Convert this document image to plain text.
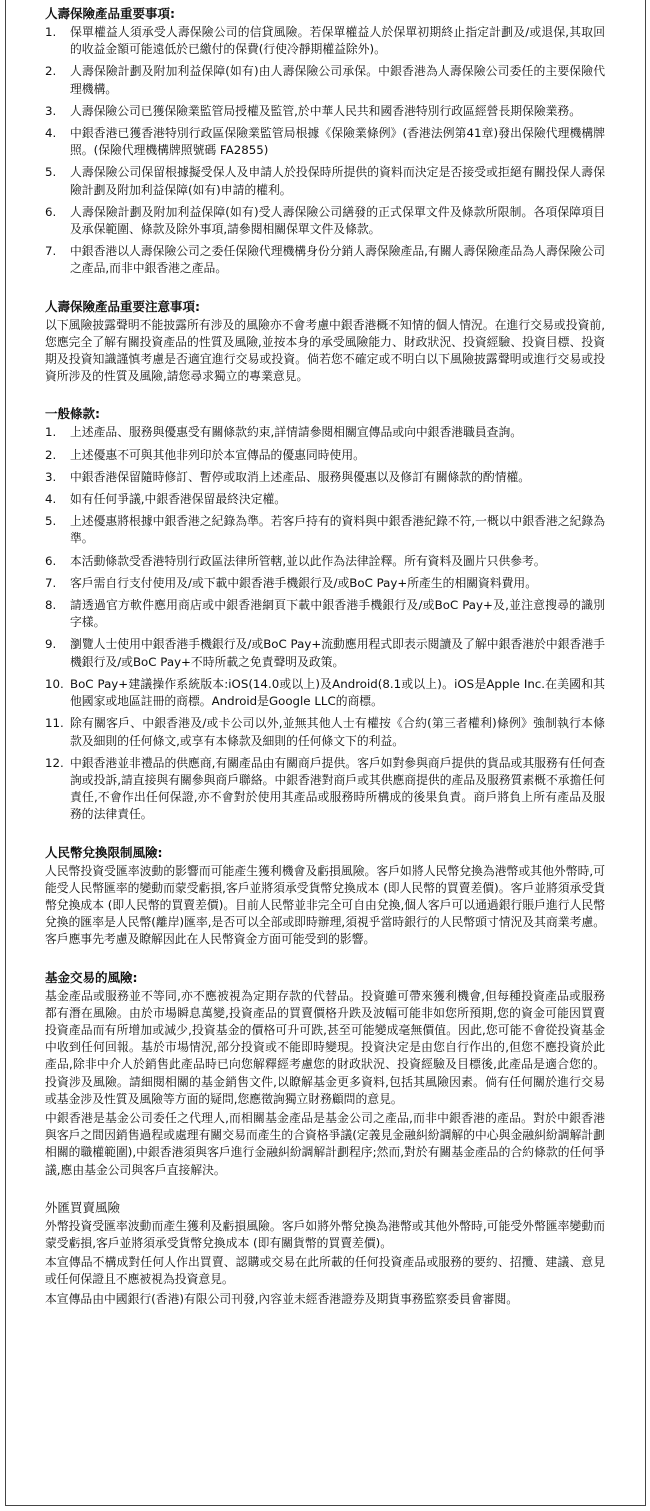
人壽保險產品重要事項:
1.	保單權益人須承受人壽保險公司的信貸風險。若保單權益人於保單初期終止指定計劃及/或退保,其取回的收益金額可能遠低於已繳付的保費(行使冷靜期權益除外)。
2.	人壽保險計劃及附加利益保障(如有)由人壽保險公司承保。中銀香港為人壽保險公司委任的主要保險代理機構。
3.	人壽保險公司已獲保險業監管局授權及監管,於中華人民共和國香港特別行政區經營長期保險業務。
4.	中銀香港已獲香港特別行政區保險業監管局根據《保險業條例》(香港法例第41章)發出保險代理機構牌照。(保險代理機構牌照號碼 FA2855)
5.	人壽保險公司保留根據擬受保人及申請人於投保時所提供的資料而決定是否接受或拒絕有關投保人壽保險計劃及附加利益保障(如有)申請的權利。
6.	人壽保險計劃及附加利益保障(如有)受人壽保險公司繕發的正式保單文件及條款所限制。各項保障項目及承保範圍、條款及除外事項,請參閱相關保單文件及條款。
7.	中銀香港以人壽保險公司之委任保險代理機構身份分銷人壽保險產品,有關人壽保險產品為人壽保險公司之產品,而非中銀香港之產品。
人壽保險產品重要注意事項:

以下風險披露聲明不能披露所有涉及的風險亦不會考慮中銀香港概不知情的個人情況。在進行交易或投資前,您應完全了解有關投資產品的性質及風險,並按本身的承受風險能力、財政狀況、投資經驗、投資目標、投資期及投資知識謹慎考慮是否適宜進行交易或投資。倘若您不確定或不明白以下風險披露聲明或進行交易或投資所涉及的性質及風險,請您尋求獨立的專業意見。

一般條款:
1.	上述產品、服務與優惠受有關條款約束,詳情請參閱相關宣傳品或向中銀香港職員查詢。
2.	上述優惠不可與其他非列印於本宣傳品的優惠同時使用。
3.	中銀香港保留隨時修訂、暫停或取消上述產品、服務與優惠以及修訂有關條款的酌情權。
4.	如有任何爭議,中銀香港保留最終決定權。
5.	上述優惠將根據中銀香港之紀錄為準。若客戶持有的資料與中銀香港紀錄不符,一概以中銀香港之紀錄為準。
6.	本活動條款受香港特別行政區法律所管轄,並以此作為法律詮釋。所有資料及圖片只供參考。
7.	客戶需自行支付使用及/或下載中銀香港手機銀行及/或BoC Pay+所產生的相關資料費用。
8.	請透過官方軟件應用商店或中銀香港網頁下載中銀香港手機銀行及/或BoC Pay+及,並注意搜尋的識別字樣。
9.	瀏覽人士使用中銀香港手機銀行及/或BoC Pay+流動應用程式即表示閱讀及了解中銀香港於中銀香港手機銀行及/或BoC Pay+不時所載之免責聲明及政策。
10. BoC Pay+建議操作系統版本:iOS(14.0或以上)及Android(8.1或以上)。iOS是Apple Inc.在美國和其他國家或地區註冊的商標。Android是Google LLC的商標。
11. 除有關客戶、中銀香港及/或卡公司以外,並無其他人士有權按《合約(第三者權利)條例》強制執行本條款及細則的任何條文,或享有本條款及細則的任何條文下的利益。
12. 中銀香港並非禮品的供應商,有關產品由有關商戶提供。客戶如對參與商戶提供的貨品或其服務有任何查詢或投訴,請直接與有關參與商戶聯絡。中銀香港對商戶或其供應商提供的產品及服務質素概不承擔任何責任,不會作出任何保證,亦不會對於使用其產品或服務時所構成的後果負責。商戶將負上所有產品及服務的法律責任。
人民幣兌換限制風險:

人民幣投資受匯率波動的影響而可能產生獲利機會及虧損風險。客戶如將人民幣兌換為港幣或其他外幣時,可能受人民幣匯率的變動而蒙受虧損,客戶並將須承受貨幣兌換成本 (即人民幣的買賣差價)。客戶並將須承受貨幣兌換成本 (即人民幣的買賣差價)。目前人民幣並非完全可自由兌換,個人客戶可以通過銀行賬戶進行人民幣兌換的匯率是人民幣(離岸)匯率,是否可以全部或即時辦理,須視乎當時銀行的人民幣頭寸情況及其商業考慮。客戶應事先考慮及瞭解因此在人民幣資金方面可能受到的影響。

基金交易的風險:

基金產品或服務並不等同,亦不應被視為定期存款的代替品。投資雖可帶來獲利機會,但每種投資產品或服務都有潛在風險。由於市場瞬息萬變,投資產品的買賣價格升跌及波幅可能非如您所預期,您的資金可能因買賣投資產品而有所增加或減少,投資基金的價格可升可跌,甚至可能變成毫無價值。因此,您可能不會從投資基金中收到任何回報。基於市場情況,部分投資或不能即時變現。投資決定是由您自行作出的,但您不應投資於此產品,除非中介人於銷售此產品時已向您解釋經考慮您的財政狀況、投資經驗及目標後,此產品是適合您的。投資涉及風險。請細閱相關的基金銷售文件,以瞭解基金更多資料,包括其風險因素。倘有任何關於進行交易或基金涉及性質及風險等方面的疑問,您應徵詢獨立財務顧問的意見。

中銀香港是基金公司委任之代理人,而相關基金產品是基金公司之產品,而非中銀香港的產品。對於中銀香港與客戶之間因銷售過程或處理有關交易而產生的合資格爭議(定義見金融糾紛調解的中心與金融糾紛調解計劃相關的職權範圍),中銀香港須與客戶進行金融糾紛調解計劃程序;然而,對於有關基金產品的合約條款的任何爭議,應由基金公司與客戶直接解決。

外匯買賣風險

外幣投資受匯率波動而產生獲利及虧損風險。客戶如將外幣兌換為港幣或其他外幣時,可能受外幣匯率變動而蒙受虧損,客戶並將須承受貨幣兌換成本 (即有關貨幣的買賣差價)。

本宣傳品不構成對任何人作出買賣、認購或交易在此所載的任何投資產品或服務的要約、招攬、建議、意見或任何保證且不應被視為投資意見。

本宣傳品由中國銀行(香港)有限公司刊發,內容並未經香港證券及期貨事務監察委員會審閱。
